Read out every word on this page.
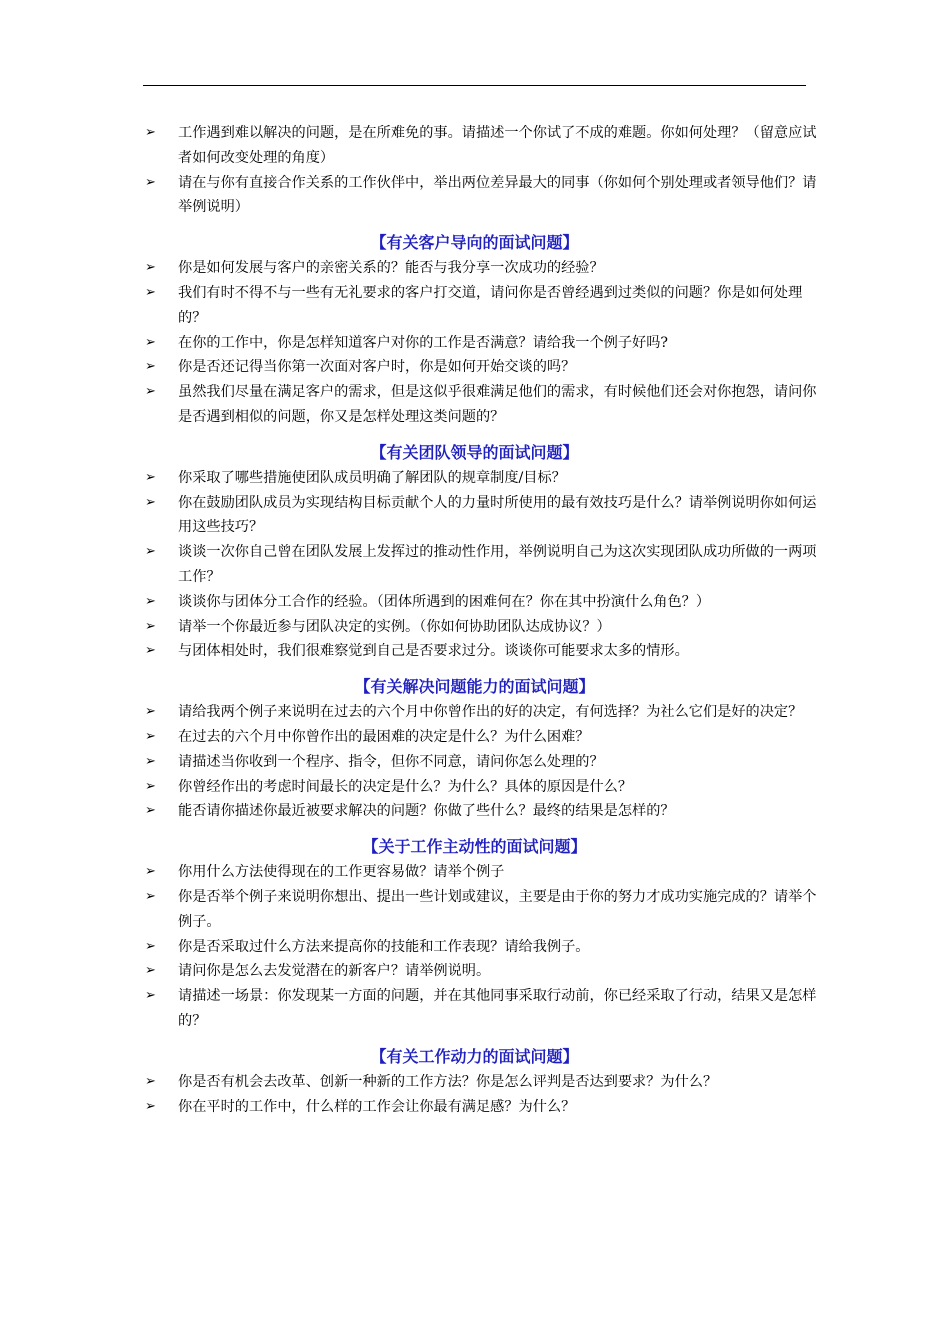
➢ 工作遇到难以解决的问题，是在所难免的事。请描述一个你试了不成的难题。你如何处理？（留意应试者如何改变处理的角度）
➢ 请在与你有直接合作关系的工作伙伴中，举出两位差异最大的同事（你如何个别处理或者领导他们？请举例说明）
【有关客户导向的面试问题】
➢ 你是如何发展与客户的亲密关系的？能否与我分享一次成功的经验？
➢ 我们有时不得不与一些有无礼要求的客户打交道，请问你是否曾经遇到过类似的问题？你是如何处理的？
➢ 在你的工作中，你是怎样知道客户对你的工作是否满意？请给我一个例子好吗?
➢ 你是否还记得当你第一次面对客户时，你是如何开始交谈的吗？
➢ 虽然我们尽量在满足客户的需求，但是这似乎很难满足他们的需求，有时候他们还会对你抱怨，请问你是否遇到相似的问题，你又是怎样处理这类问题的？
【有关团队领导的面试问题】
➢ 你采取了哪些措施使团队成员明确了解团队的规章制度/目标？
➢ 你在鼓励团队成员为实现结构目标贡献个人的力量时所使用的最有效技巧是什么？请举例说明你如何运用这些技巧？
➢ 谈谈一次你自己曾在团队发展上发挥过的推动性作用，举例说明自己为这次实现团队成功所做的一两项工作？
➢ 谈谈你与团体分工合作的经验。（团体所遇到的困难何在？你在其中扮演什么角色？）
➢ 请举一个你最近参与团队决定的实例。（你如何协助团队达成协议？）
➢ 与团体相处时，我们很难察觉到自己是否要求过分。谈谈你可能要求太多的情形。
【有关解决问题能力的面试问题】
➢ 请给我两个例子来说明在过去的六个月中你曾作出的好的决定，有何选择？为社么它们是好的决定？
➢ 在过去的六个月中你曾作出的最困难的决定是什么？为什么困难？
➢ 请描述当你收到一个程序、指令，但你不同意，请问你怎么处理的？
➢ 你曾经作出的考虑时间最长的决定是什么？为什么？具体的原因是什么？
➢ 能否请你描述你最近被要求解决的问题？你做了些什么？最终的结果是怎样的？
【关于工作主动性的面试问题】
➢ 你用什么方法使得现在的工作更容易做？请举个例子
➢ 你是否举个例子来说明你想出、提出一些计划或建议，主要是由于你的努力才成功实施完成的？请举个例子。
➢ 你是否采取过什么方法来提高你的技能和工作表现？请给我例子。
➢ 请问你是怎么去发觉潜在的新客户？请举例说明。
➢ 请描述一场景：你发现某一方面的问题，并在其他同事采取行动前，你已经采取了行动，结果又是怎样的？
【有关工作动力的面试问题】
➢ 你是否有机会去改革、创新一种新的工作方法？你是怎么评判是否达到要求？为什么？
➢ 你在平时的工作中，什么样的工作会让你最有满足感？为什么？
